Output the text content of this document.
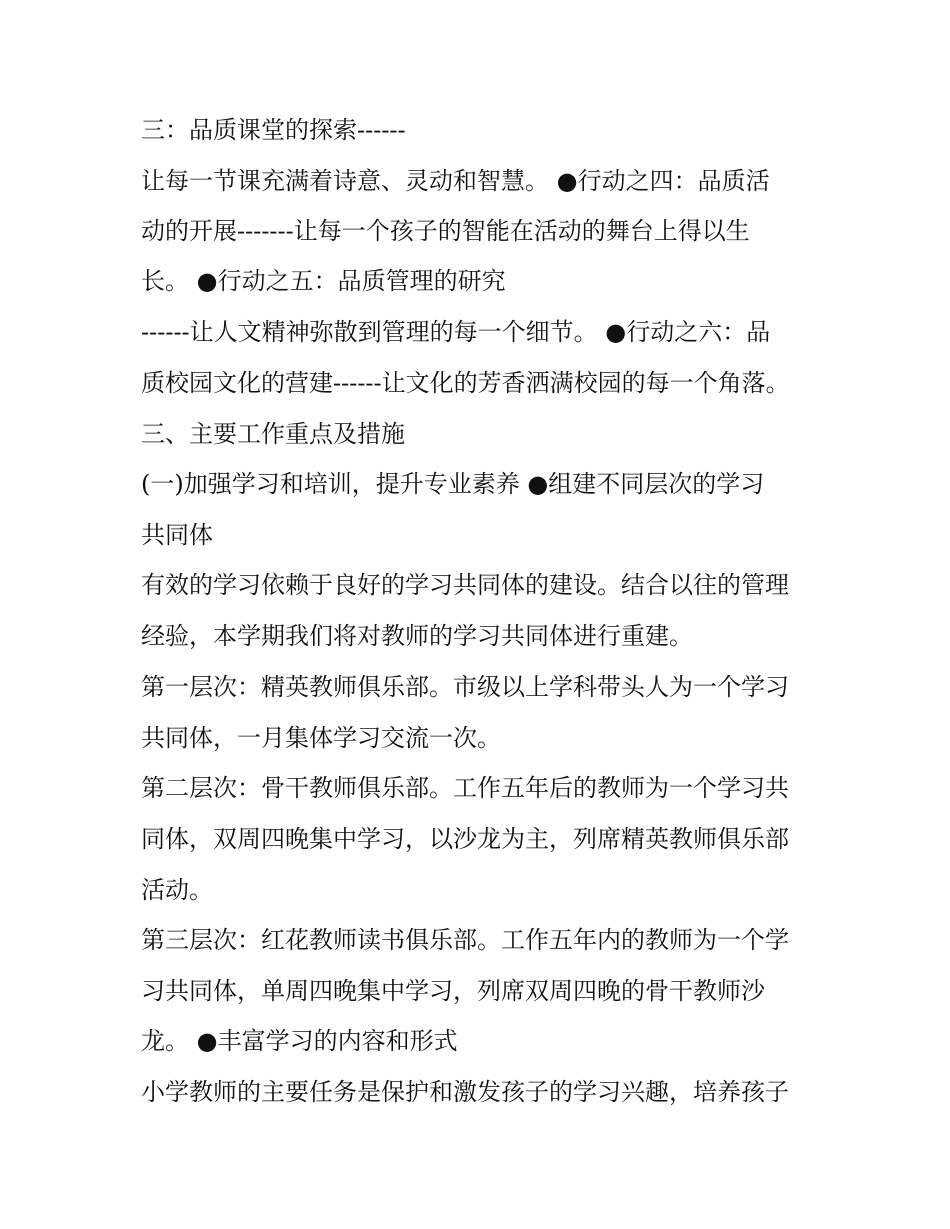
三：品质课堂的探索------
让每一节课充满着诗意、灵动和智慧。 ●行动之四：品质活
动的开展-------让每一个孩子的智能在活动的舞台上得以生
长。 ●行动之五：品质管理的研究
------让人文精神弥散到管理的每一个细节。 ●行动之六：品
质校园文化的营建------让文化的芳香洒满校园的每一个角落。
三、主要工作重点及措施
(一)加强学习和培训，提升专业素养 ●组建不同层次的学习
共同体
有效的学习依赖于良好的学习共同体的建设。结合以往的管理
经验，本学期我们将对教师的学习共同体进行重建。
第一层次：精英教师俱乐部。市级以上学科带头人为一个学习
共同体，一月集体学习交流一次。
第二层次：骨干教师俱乐部。工作五年后的教师为一个学习共
同体，双周四晚集中学习，以沙龙为主，列席精英教师俱乐部
活动。
第三层次：红花教师读书俱乐部。工作五年内的教师为一个学
习共同体，单周四晚集中学习，列席双周四晚的骨干教师沙
龙。 ●丰富学习的内容和形式
小学教师的主要任务是保护和激发孩子的学习兴趣，培养孩子
